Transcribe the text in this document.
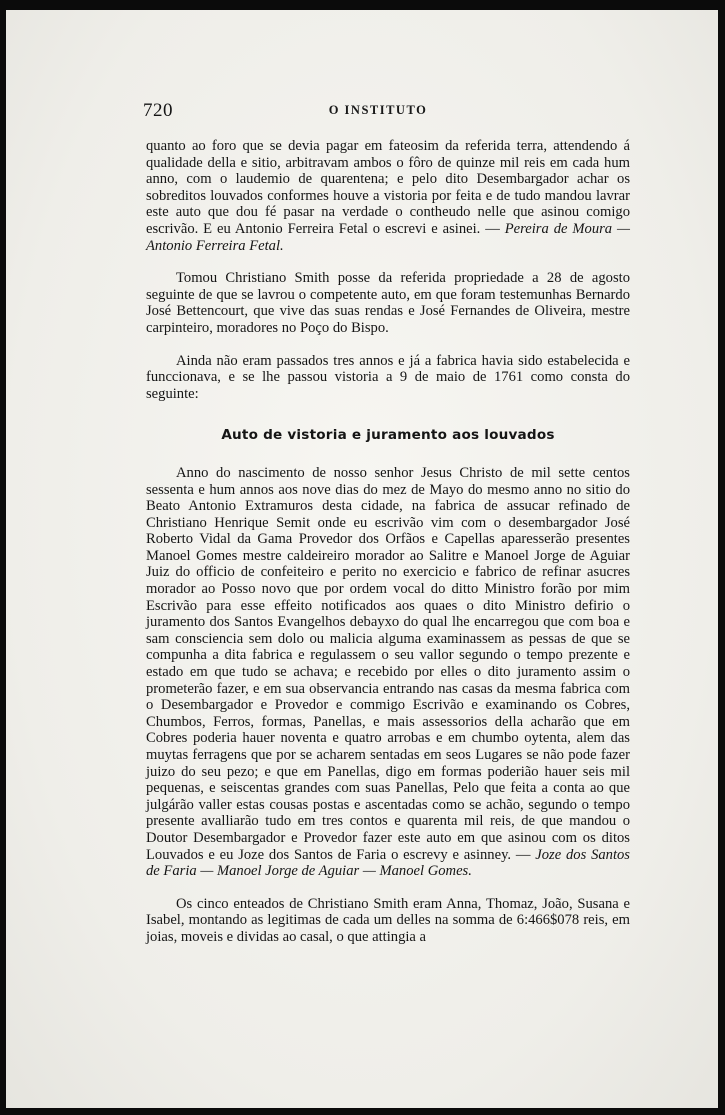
720	O INSTITUTO

quanto ao foro que se devia pagar em fateosim da referida terra, attendendo á qualidade della e sitio, arbitravam ambos o fôro de quinze mil reis em cada hum anno, com o laudemio de quarentena; e pelo dito Desembargador achar os sobreditos louvados conformes houve a vistoria por feita e de tudo mandou lavrar este auto que dou fé pasar na verdade o contheudo nelle que asinou comigo escrivão. E eu Antonio Ferreira Fetal o escrevi e asinei. — Pereira de Moura — Antonio Ferreira Fetal.

Tomou Christiano Smith posse da referida propriedade a 28 de agosto seguinte de que se lavrou o competente auto, em que foram testemunhas Bernardo José Bettencourt, que vive das suas rendas e José Fernandes de Oliveira, mestre carpinteiro, moradores no Poço do Bispo.

Ainda não eram passados tres annos e já a fabrica havia sido estabelecida e funccionava, e se lhe passou vistoria a 9 de maio de 1761 como consta do seguinte:

Auto de vistoria e juramento aos louvados

Anno do nascimento de nosso senhor Jesus Christo de mil sette centos sessenta e hum annos aos nove dias do mez de Mayo do mesmo anno no sitio do Beato Antonio Extramuros desta cidade, na fabrica de assucar refinado de Christiano Henrique Semit onde eu escrivão vim com o desembargador José Roberto Vidal da Gama Provedor dos Orfãos e Capellas aparesserão presentes Manoel Gomes mestre caldeireiro morador ao Salitre e Manoel Jorge de Aguiar Juiz do officio de confeiteiro e perito no exercicio e fabrico de refinar asucres morador ao Posso novo que por ordem vocal do ditto Ministro forão por mim Escrivão para esse effeito notificados aos quaes o dito Ministro defirio o juramento dos Santos Evangelhos debayxo do qual lhe encarregou que com boa e sam consciencia sem dolo ou malicia alguma examinassem as pessas de que se compunha a dita fabrica e regulassem o seu vallor segundo o tempo prezente e estado em que tudo se achava; e recebido por elles o dito juramento assim o prometerão fazer, e em sua observancia entrando nas casas da mesma fabrica com o Desembargador e Provedor e commigo Escrivão e examinando os Cobres, Chumbos, Ferros, formas, Panellas, e mais assessorios della acharão que em Cobres poderia hauer noventa e quatro arrobas e em chumbo oytenta, alem das muytas ferragens que por se acharem sentadas em seos Lugares se não pode fazer juizo do seu pezo; e que em Panellas, digo em formas poderião hauer seis mil pequenas, e seiscentas grandes com suas Panellas, Pelo que feita a conta ao que julgárão valler estas cousas postas e ascentadas como se achão, segundo o tempo presente avalliarão tudo em tres contos e quarenta mil reis, de que mandou o Doutor Desembargador e Provedor fazer este auto em que asinou com os ditos Louvados e eu Joze dos Santos de Faria o escrevy e asinney. — Joze dos Santos de Faria — Manoel Jorge de Aguiar — Manoel Gomes.

Os cinco enteados de Christiano Smith eram Anna, Thomaz, João, Susana e Isabel, montando as legitimas de cada um delles na somma de 6:466$078 reis, em joias, moveis e dividas ao casal, o que attingia a
